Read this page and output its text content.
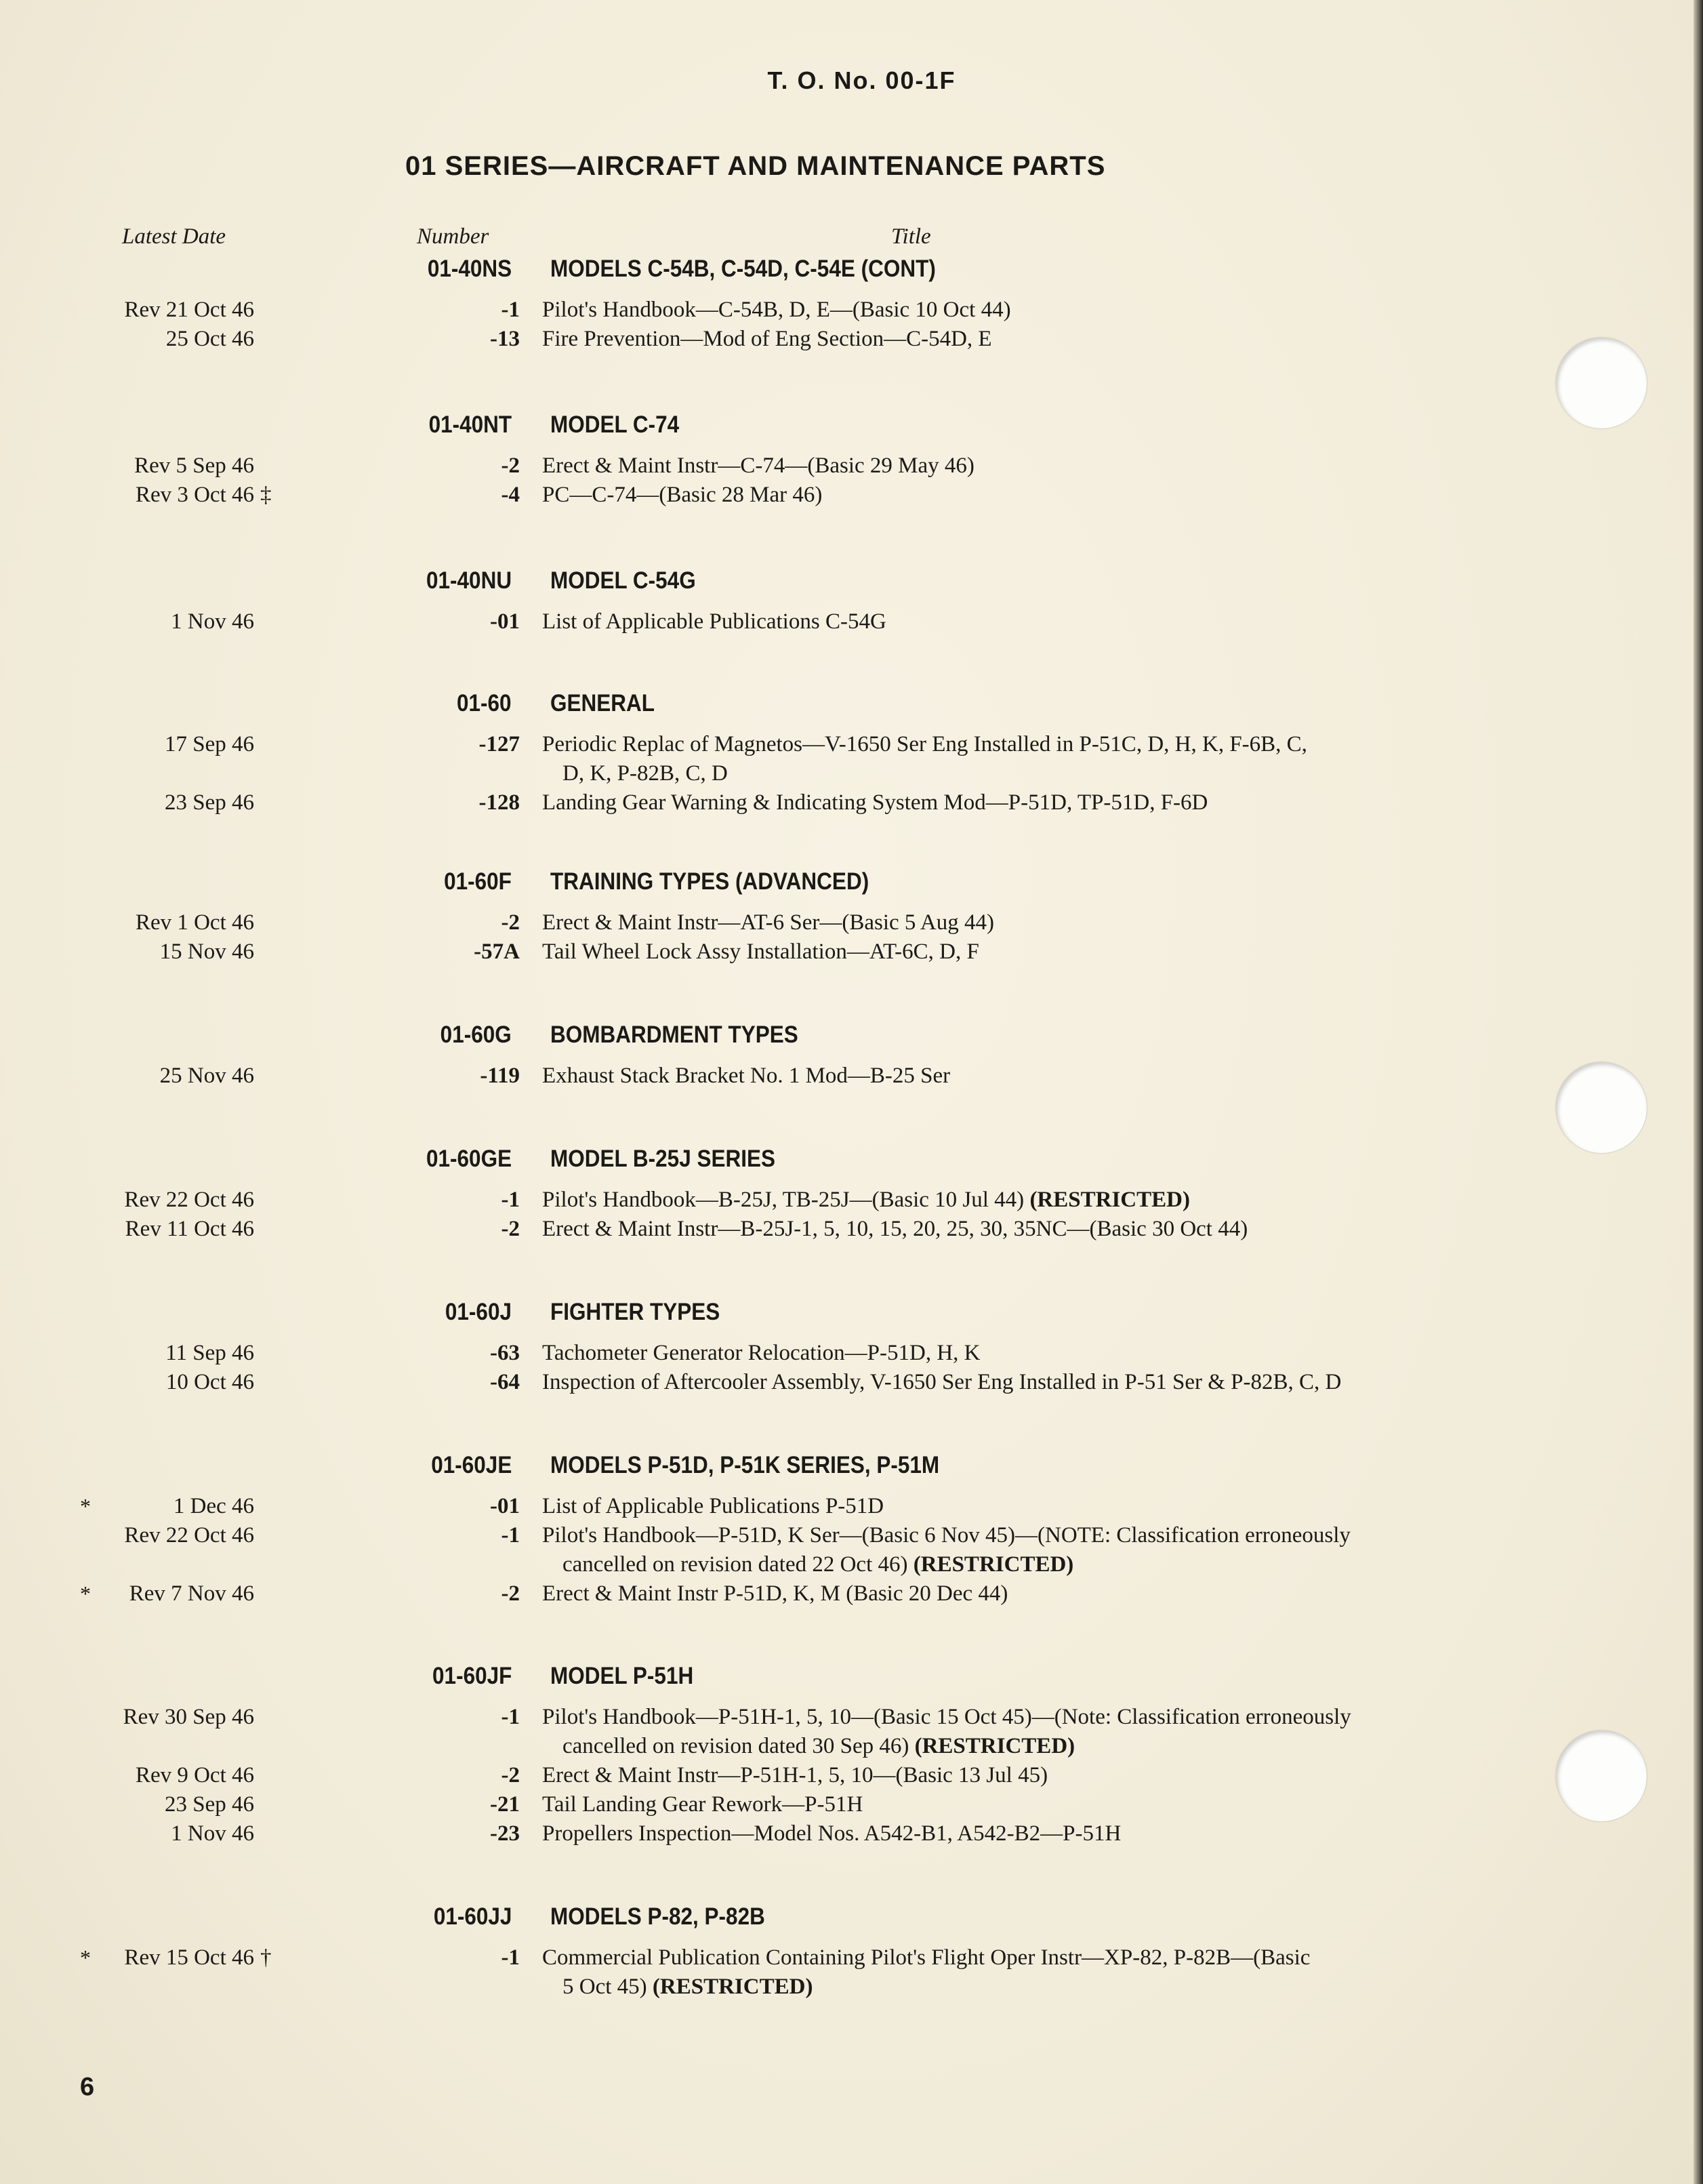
T. O. No. 00-1F
01 SERIES—AIRCRAFT AND MAINTENANCE PARTS
Latest Date	Number	Title
01-40NS MODELS C-54B, C-54D, C-54E (CONT)
Rev 21 Oct 46	-1 Pilot's Handbook—C-54B, D, E—(Basic 10 Oct 44)
25 Oct 46	-13 Fire Prevention—Mod of Eng Section—C-54D, E
01-40NT MODEL C-74
Rev 5 Sep 46	-2 Erect & Maint Instr—C-74—(Basic 29 May 46)
Rev 3 Oct 46 ‡	-4 PC—C-74—(Basic 28 Mar 46)
01-40NU MODEL C-54G
1 Nov 46	-01 List of Applicable Publications C-54G
01-60 GENERAL
17 Sep 46	-127 Periodic Replac of Magnetos—V-1650 Ser Eng Installed in P-51C, D, H, K, F-6B, C,
D, K, P-82B, C, D
23 Sep 46	-128 Landing Gear Warning & Indicating System Mod—P-51D, TP-51D, F-6D
01-60F TRAINING TYPES (ADVANCED)
Rev 1 Oct 46	-2 Erect & Maint Instr—AT-6 Ser—(Basic 5 Aug 44)
15 Nov 46	-57A Tail Wheel Lock Assy Installation—AT-6C, D, F
01-60G BOMBARDMENT TYPES
25 Nov 46	-119 Exhaust Stack Bracket No. 1 Mod—B-25 Ser
01-60GE MODEL B-25J SERIES
Rev 22 Oct 46	-1 Pilot's Handbook—B-25J, TB-25J—(Basic 10 Jul 44) (RESTRICTED)
Rev 11 Oct 46	-2 Erect & Maint Instr—B-25J-1, 5, 10, 15, 20, 25, 30, 35NC—(Basic 30 Oct 44)
01-60J FIGHTER TYPES
11 Sep 46	-63 Tachometer Generator Relocation—P-51D, H, K
10 Oct 46	-64 Inspection of Aftercooler Assembly, V-1650 Ser Eng Installed in P-51 Ser & P-82B, C, D
01-60JE MODELS P-51D, P-51K SERIES, P-51M
*	1 Dec 46	-01 List of Applicable Publications P-51D
Rev 22 Oct 46	-1 Pilot's Handbook—P-51D, K Ser—(Basic 6 Nov 45)—(NOTE: Classification erroneously
cancelled on revision dated 22 Oct 46) (RESTRICTED)
* Rev 7 Nov 46	-2 Erect & Maint Instr P-51D, K, M (Basic 20 Dec 44)
01-60JF MODEL P-51H
Rev 30 Sep 46	-1 Pilot's Handbook—P-51H-1, 5, 10—(Basic 15 Oct 45)—(Note: Classification erroneously
cancelled on revision dated 30 Sep 46) (RESTRICTED)
Rev 9 Oct 46	-2 Erect & Maint Instr—P-51H-1, 5, 10—(Basic 13 Jul 45)
23 Sep 46	-21 Tail Landing Gear Rework—P-51H
1 Nov 46	-23 Propellers Inspection—Model Nos. A542-B1, A542-B2—P-51H
01-60JJ MODELS P-82, P-82B
* Rev 15 Oct 46 †	-1 Commercial Publication Containing Pilot's Flight Oper Instr—XP-82, P-82B—(Basic
5 Oct 45) (RESTRICTED)
6
